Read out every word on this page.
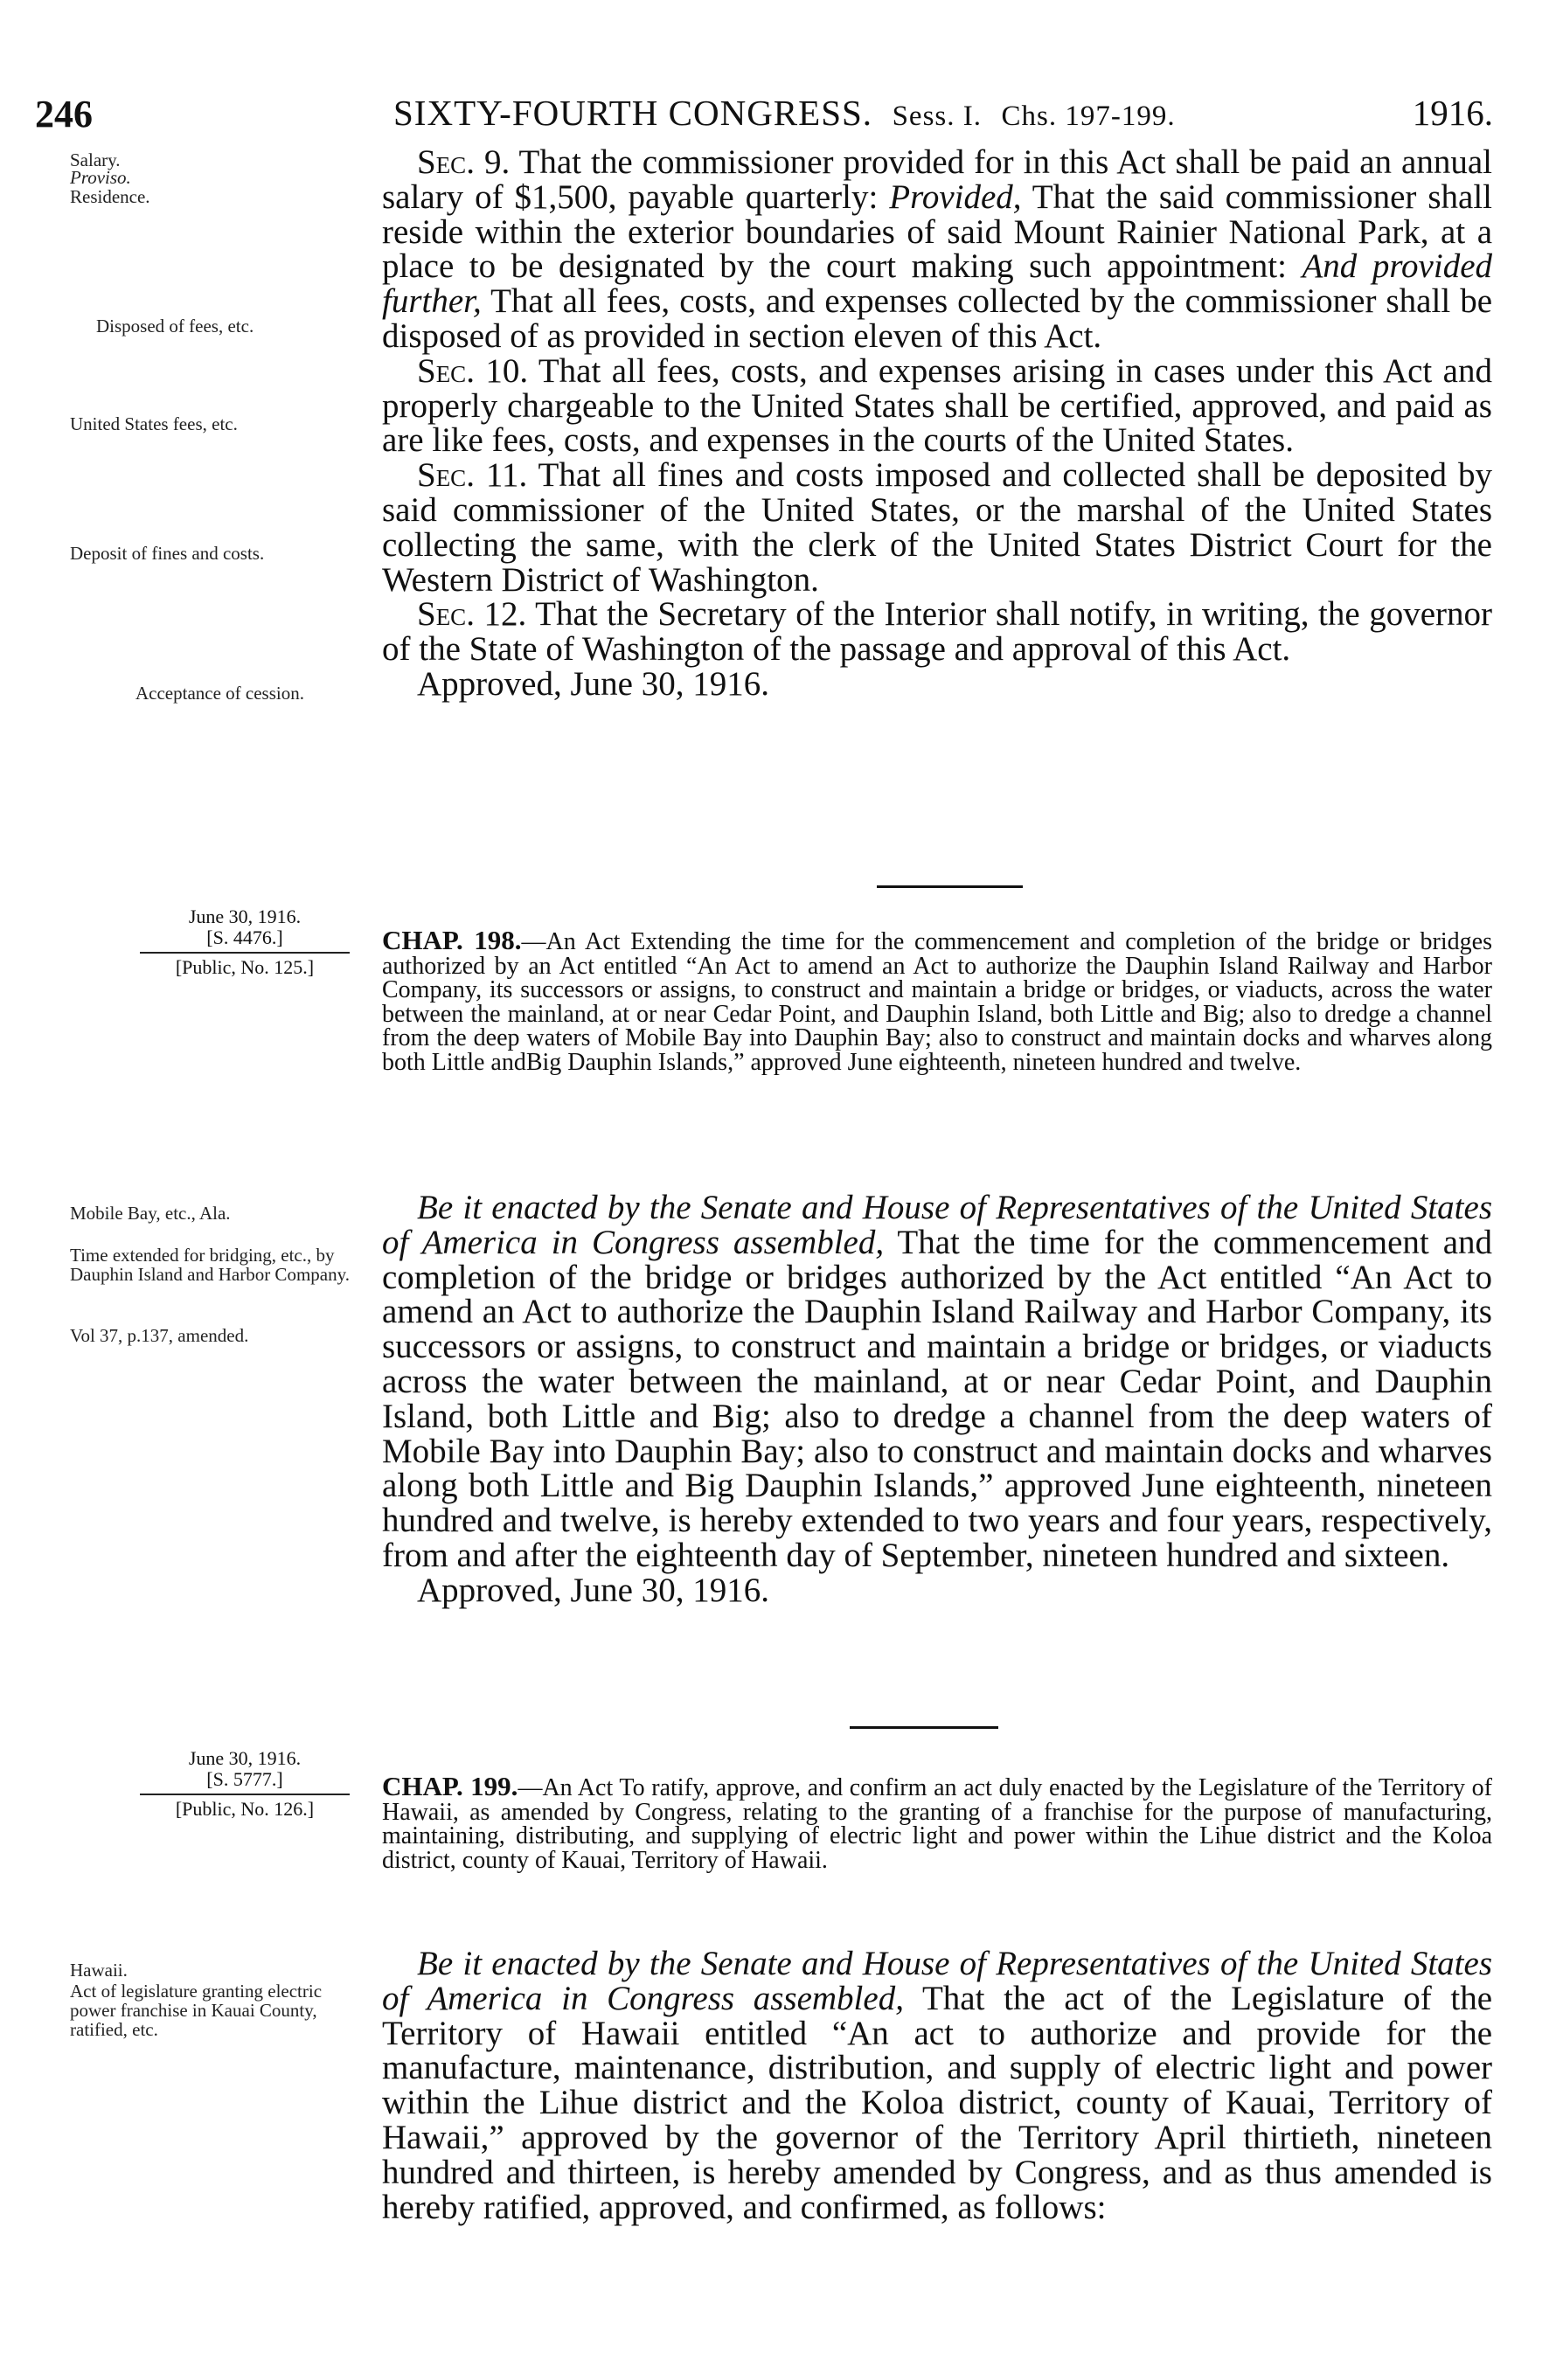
246	SIXTY-FOURTH CONGRESS. Sess. I. Chs. 197-199.	1916.
Salary.
Proviso.
Residence.
Disposed of fees, etc.
United States fees, etc.
Deposit of fines and costs.
Acceptance of cession.

Sec. 9. That the commissioner provided for in this Act shall be paid an annual salary of $1,500, payable quarterly: Provided, That the said commissioner shall reside within the exterior boundaries of said Mount Rainier National Park, at a place to be designated by the court making such appointment: And provided further, That all fees, costs, and expenses collected by the commissioner shall be disposed of as provided in section eleven of this Act.

Sec. 10. That all fees, costs, and expenses arising in cases under this Act and properly chargeable to the United States shall be certified, approved, and paid as are like fees, costs, and expenses in the courts of the United States.

Sec. 11. That all fines and costs imposed and collected shall be deposited by said commissioner of the United States, or the marshal of the United States collecting the same, with the clerk of the United States District Court for the Western District of Washington.

Sec. 12. That the Secretary of the Interior shall notify, in writing, the governor of the State of Washington of the passage and approval of this Act.

Approved, June 30, 1916.

June 30, 1916.
[S. 4476.]
[Public, No. 125.]
CHAP. 198.—An Act Extending the time for the commencement and completion of the bridge or bridges authorized by an Act entitled “An Act to amend an Act to authorize the Dauphin Island Railway and Harbor Company, its successors or assigns, to construct and maintain a bridge or bridges, or viaducts, across the water between the mainland, at or near Cedar Point, and Dauphin Island, both Little and Big; also to dredge a channel from the deep waters of Mobile Bay into Dauphin Bay; also to construct and maintain docks and wharves along both Little andBig Dauphin Islands,” approved June eighteenth, nineteen hundred and twelve.
Mobile Bay, etc., Ala.
Time extended for bridging, etc., by Dauphin Island and Harbor Company.
Vol 37, p.137, amended.

Be it enacted by the Senate and House of Representatives of the United States of America in Congress assembled, That the time for the commencement and completion of the bridge or bridges authorized by the Act entitled “An Act to amend an Act to authorize the Dauphin Island Railway and Harbor Company, its successors or assigns, to construct and maintain a bridge or bridges, or viaducts across the water between the mainland, at or near Cedar Point, and Dauphin Island, both Little and Big; also to dredge a channel from the deep waters of Mobile Bay into Dauphin Bay; also to construct and maintain docks and wharves along both Little and Big Dauphin Islands,” approved June eighteenth, nineteen hundred and twelve, is hereby extended to two years and four years, respectively, from and after the eighteenth day of September, nineteen hundred and sixteen.

Approved, June 30, 1916.

June 30, 1916.
[S. 5777.]
[Public, No. 126.]
CHAP. 199.—An Act To ratify, approve, and confirm an act duly enacted by the Legislature of the Territory of Hawaii, as amended by Congress, relating to the granting of a franchise for the purpose of manufacturing, maintaining, distributing, and supplying of electric light and power within the Lihue district and the Koloa district, county of Kauai, Territory of Hawaii.
Hawaii.
Act of legislature granting electric power franchise in Kauai County, ratified, etc.

Be it enacted by the Senate and House of Representatives of the United States of America in Congress assembled, That the act of the Legislature of the Territory of Hawaii entitled “An act to authorize and provide for the manufacture, maintenance, distribution, and supply of electric light and power within the Lihue district and the Koloa district, county of Kauai, Territory of Hawaii,” approved by the governor of the Territory April thirtieth, nineteen hundred and thirteen, is hereby amended by Congress, and as thus amended is hereby ratified, approved, and confirmed, as follows:
